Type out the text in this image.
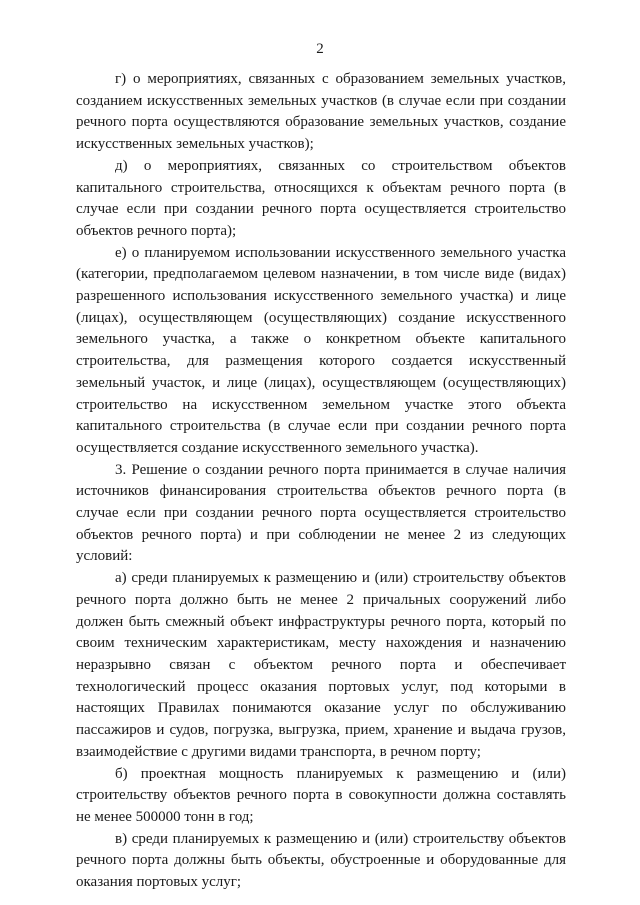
2

г) о мероприятиях, связанных с образованием земельных участков, созданием искусственных земельных участков (в случае если при создании речного порта осуществляются образование земельных участков, создание искусственных земельных участков);

д) о мероприятиях, связанных со строительством объектов капитального строительства, относящихся к объектам речного порта (в случае если при создании речного порта осуществляется строительство объектов речного порта);

е) о планируемом использовании искусственного земельного участка (категории, предполагаемом целевом назначении, в том числе виде (видах) разрешенного использования искусственного земельного участка) и лице (лицах), осуществляющем (осуществляющих) создание искусственного земельного участка, а также о конкретном объекте капитального строительства, для размещения которого создается искусственный земельный участок, и лице (лицах), осуществляющем (осуществляющих) строительство на искусственном земельном участке этого объекта капитального строительства (в случае если при создании речного порта осуществляется создание искусственного земельного участка).

3. Решение о создании речного порта принимается в случае наличия источников финансирования строительства объектов речного порта (в случае если при создании речного порта осуществляется строительство объектов речного порта) и при соблюдении не менее 2 из следующих условий:

а) среди планируемых к размещению и (или) строительству объектов речного порта должно быть не менее 2 причальных сооружений либо должен быть смежный объект инфраструктуры речного порта, который по своим техническим характеристикам, месту нахождения и назначению неразрывно связан с объектом речного порта и обеспечивает технологический процесс оказания портовых услуг, под которыми в настоящих Правилах понимаются оказание услуг по обслуживанию пассажиров и судов, погрузка, выгрузка, прием, хранение и выдача грузов, взаимодействие с другими видами транспорта, в речном порту;

б) проектная мощность планируемых к размещению и (или) строительству объектов речного порта в совокупности должна составлять не менее 500000 тонн в год;

в) среди планируемых к размещению и (или) строительству объектов речного порта должны быть объекты, обустроенные и оборудованные для оказания портовых услуг;
